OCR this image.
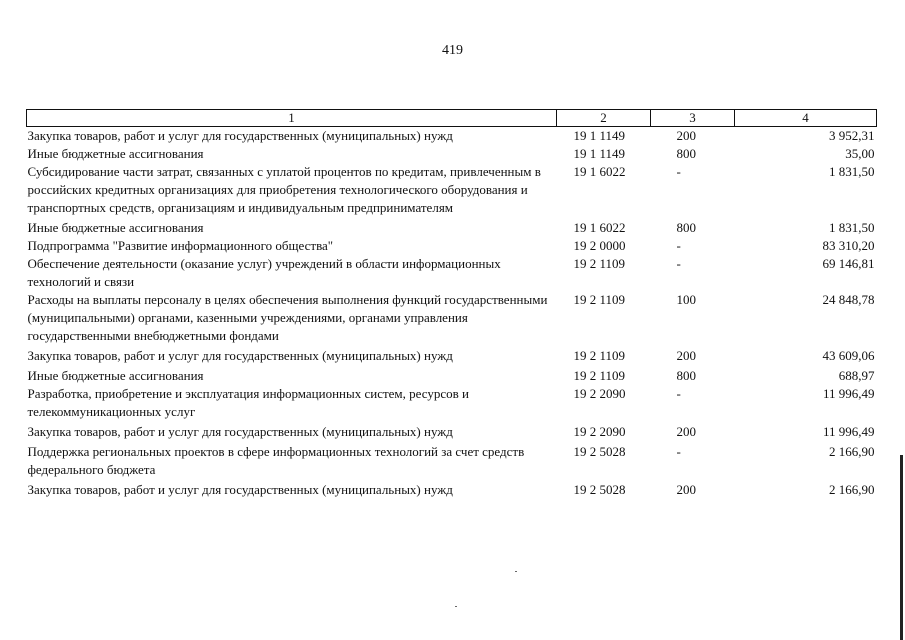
419
1	2	3	4
Закупка товаров, работ и услуг для государственных (муниципальных) нужд	19 1 1149	200	3 952,31
Иные бюджетные ассигнования	19 1 1149	800	35,00
Субсидирование части затрат, связанных с уплатой процентов по кредитам, привлеченным в российских кредитных организациях для приобретения технологического оборудования и транспортных средств, организациям и индивидуальным предпринимателям	19 1 6022	-	1 831,50
Иные бюджетные ассигнования	19 1 6022	800	1 831,50
Подпрограмма "Развитие информационного общества"	19 2 0000	-	83 310,20
Обеспечение деятельности (оказание услуг) учреждений в области информационных технологий и связи	19 2 1109	-	69 146,81
Расходы на выплаты персоналу в целях обеспечения выполнения функций государственными (муниципальными) органами, казенными учреждениями, органами управления государственными внебюджетными фондами	19 2 1109	100	24 848,78
Закупка товаров, работ и услуг для государственных (муниципальных) нужд	19 2 1109	200	43 609,06
Иные бюджетные ассигнования	19 2 1109	800	688,97
Разработка, приобретение и эксплуатация информационных систем, ресурсов и телекоммуникационных услуг	19 2 2090	-	11 996,49
Закупка товаров, работ и услуг для государственных (муниципальных) нужд	19 2 2090	200	11 996,49
Поддержка региональных проектов в сфере информационных технологий за счет средств федерального бюджета	19 2 5028	-	2 166,90
Закупка товаров, работ и услуг для государственных (муниципальных) нужд	19 2 5028	200	2 166,90
